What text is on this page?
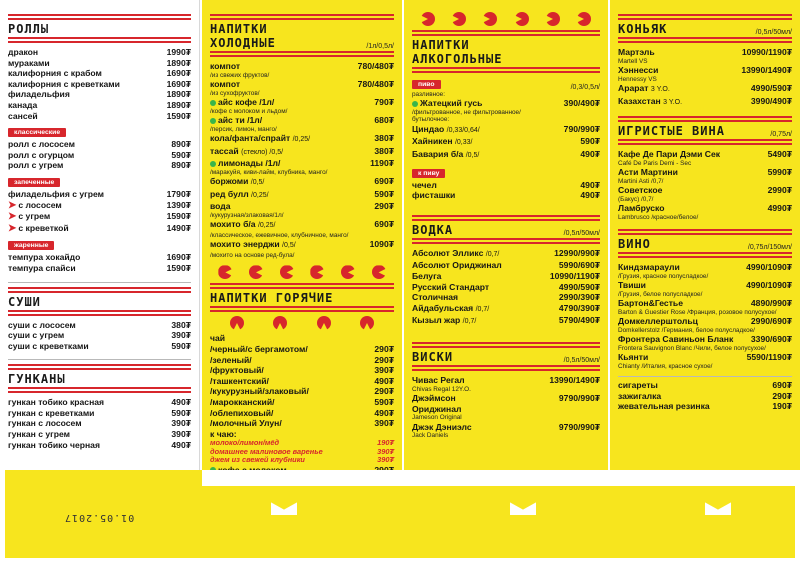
РОЛЛЫ
дракон	1990₮
мураками	1890₮
калифорния с крабом	1690₮
калифорния с креветками	1690₮
филадельфия	1890₮
канада	1890₮
сансей	1590₮
классические
ролл с лососем	890₮
ролл с огурцом	590₮
ролл с угрем	890₮
запеченные
филадельфия с угрем	1790₮
➤ с лососем	1390₮
➤ с угрем	1590₮
➤ с креветкой	1490₮
жаренные
темпура хокайдо	1690₮
темпура спайси	1590₮
СУШИ
суши с лососем	380₮
суши с угрем	390₮
суши с креветками	590₮
ГУНКАНЫ
гункан тобико красная	490₮
гункан с креветками	590₮
гункан с лососем	390₮
гункан с угрем	390₮
гункан тобико черная	490₮
НАПИТКИ ХОЛОДНЫЕ	/1л/0,5л/
компот	780/480₮
/из свежих фруктов/
компот	780/480₮
/из сухофруктов/
айс кофе /1л/	790₮
/кофе с молоком и льдом/
айс ти /1л/	680₮
/персик, лимон, манго/
кола/фанта/спрайт /0,25/	380₮
тассай (стекло) /0,5/	380₮
лимонады /1л/	1190₮
/маракуйя, киви-лайм, клубника, манго/
боржоми /0,5/	690₮
ред булл /0,25/	590₮
вода	290₮
/кукурузная/злаковая/1л/
мохито б/а /0,25/	690₮
/классическое, ежевичное, клубничное, манго/
мохито энерджи /0,5/	1090₮
/мохито на основе ред-була/
НАПИТКИ ГОРЯЧИЕ
чай
/черный/с бергамотом/	290₮
/зеленый/	290₮
/фруктовый/	390₮
/ташкентский/	490₮
/кукурузный/злаковый/	290₮
/марокканский/	590₮
/облепиховый/	490₮
/молочный Улун/	390₮
к чаю:
молоко/лимон/мёд	190₮
домашнее малиновое варенье	390₮
джем из свежей клубники	390₮
НАПИТКИ АЛКОГОЛЬНЫЕ
пиво	/0,3/0,5л/
разливное:
Жатецкий гусь	390/490₮
/фильтрованное, не фильтрованное/
бутылочное:
Циндао /0,33/0,64/	790/990₮
Хайникен /0,33/	590₮
Бавария б/а /0,5/	490₮
к пиву
чечел	490₮
фисташки	490₮
ВОДКА	/0,5л/50мл/
Абсолют Элликс /0,7/	12990/990₮
Абсолют Ориджинал	5990/690₮
Белуга	10990/1190₮
Русский Стандарт	4990/590₮
Столичная	2990/390₮
Айдабульская /0,7/	4790/390₮
Кызыл жар /0,7/	5790/490₮
ВИСКИ	/0,5л/50мл/
Чивас Регал	13990/1490₮
Chivas Regal 12Y.O.
Джэймсон	9790/990₮
Ориджинал
Jameson Original
Джэк Дэниэлс	9790/990₮
Jack Daniels
КОНЬЯК	/0,5л/50мл/
Мартэль	10990/1190₮
Martell VS
Хэннесси	13990/1490₮
Hennessy VS
Арарат 3 Y.O.	4990/590₮
Казахстан 3 Y.O.	3990/490₮
ИГРИСТЫЕ ВИНА	/0,75л/
Кафе Де Пари Дэми Сек	5490₮
Café De Paris Demi - Sec
Асти Мартини	5990₮
Martini Asti /0,7/
Советское	2990₮
(Бакус) /0,7/
Ламбруско	4990₮
Lambrusco /красное/белое/
ВИНО	/0,75л/150мл/
Киндзмараули	4990/1090₮
/Грузия, красное полусладкое/
Твиши	4990/1090₮
/Грузия, белое полусладкое/
Бартон&Гестье	4890/990₮
Barton & Guestier Rose /Франция, розовое полусухое/
Домкеллерштольц	2990/690₮
Domkellerstolz /Германия, белое полусладкое/
Фронтера Савиньон Бланк	3390/690₮
Frontera Sauvignon Blanc /Чили, белое полусухое/
Кьянти	5590/1190₮
Chianty /Италия, красное сухое/
сигареты	690₮
зажигалка	290₮
жевательная резинка	190₮
01.05.2017
